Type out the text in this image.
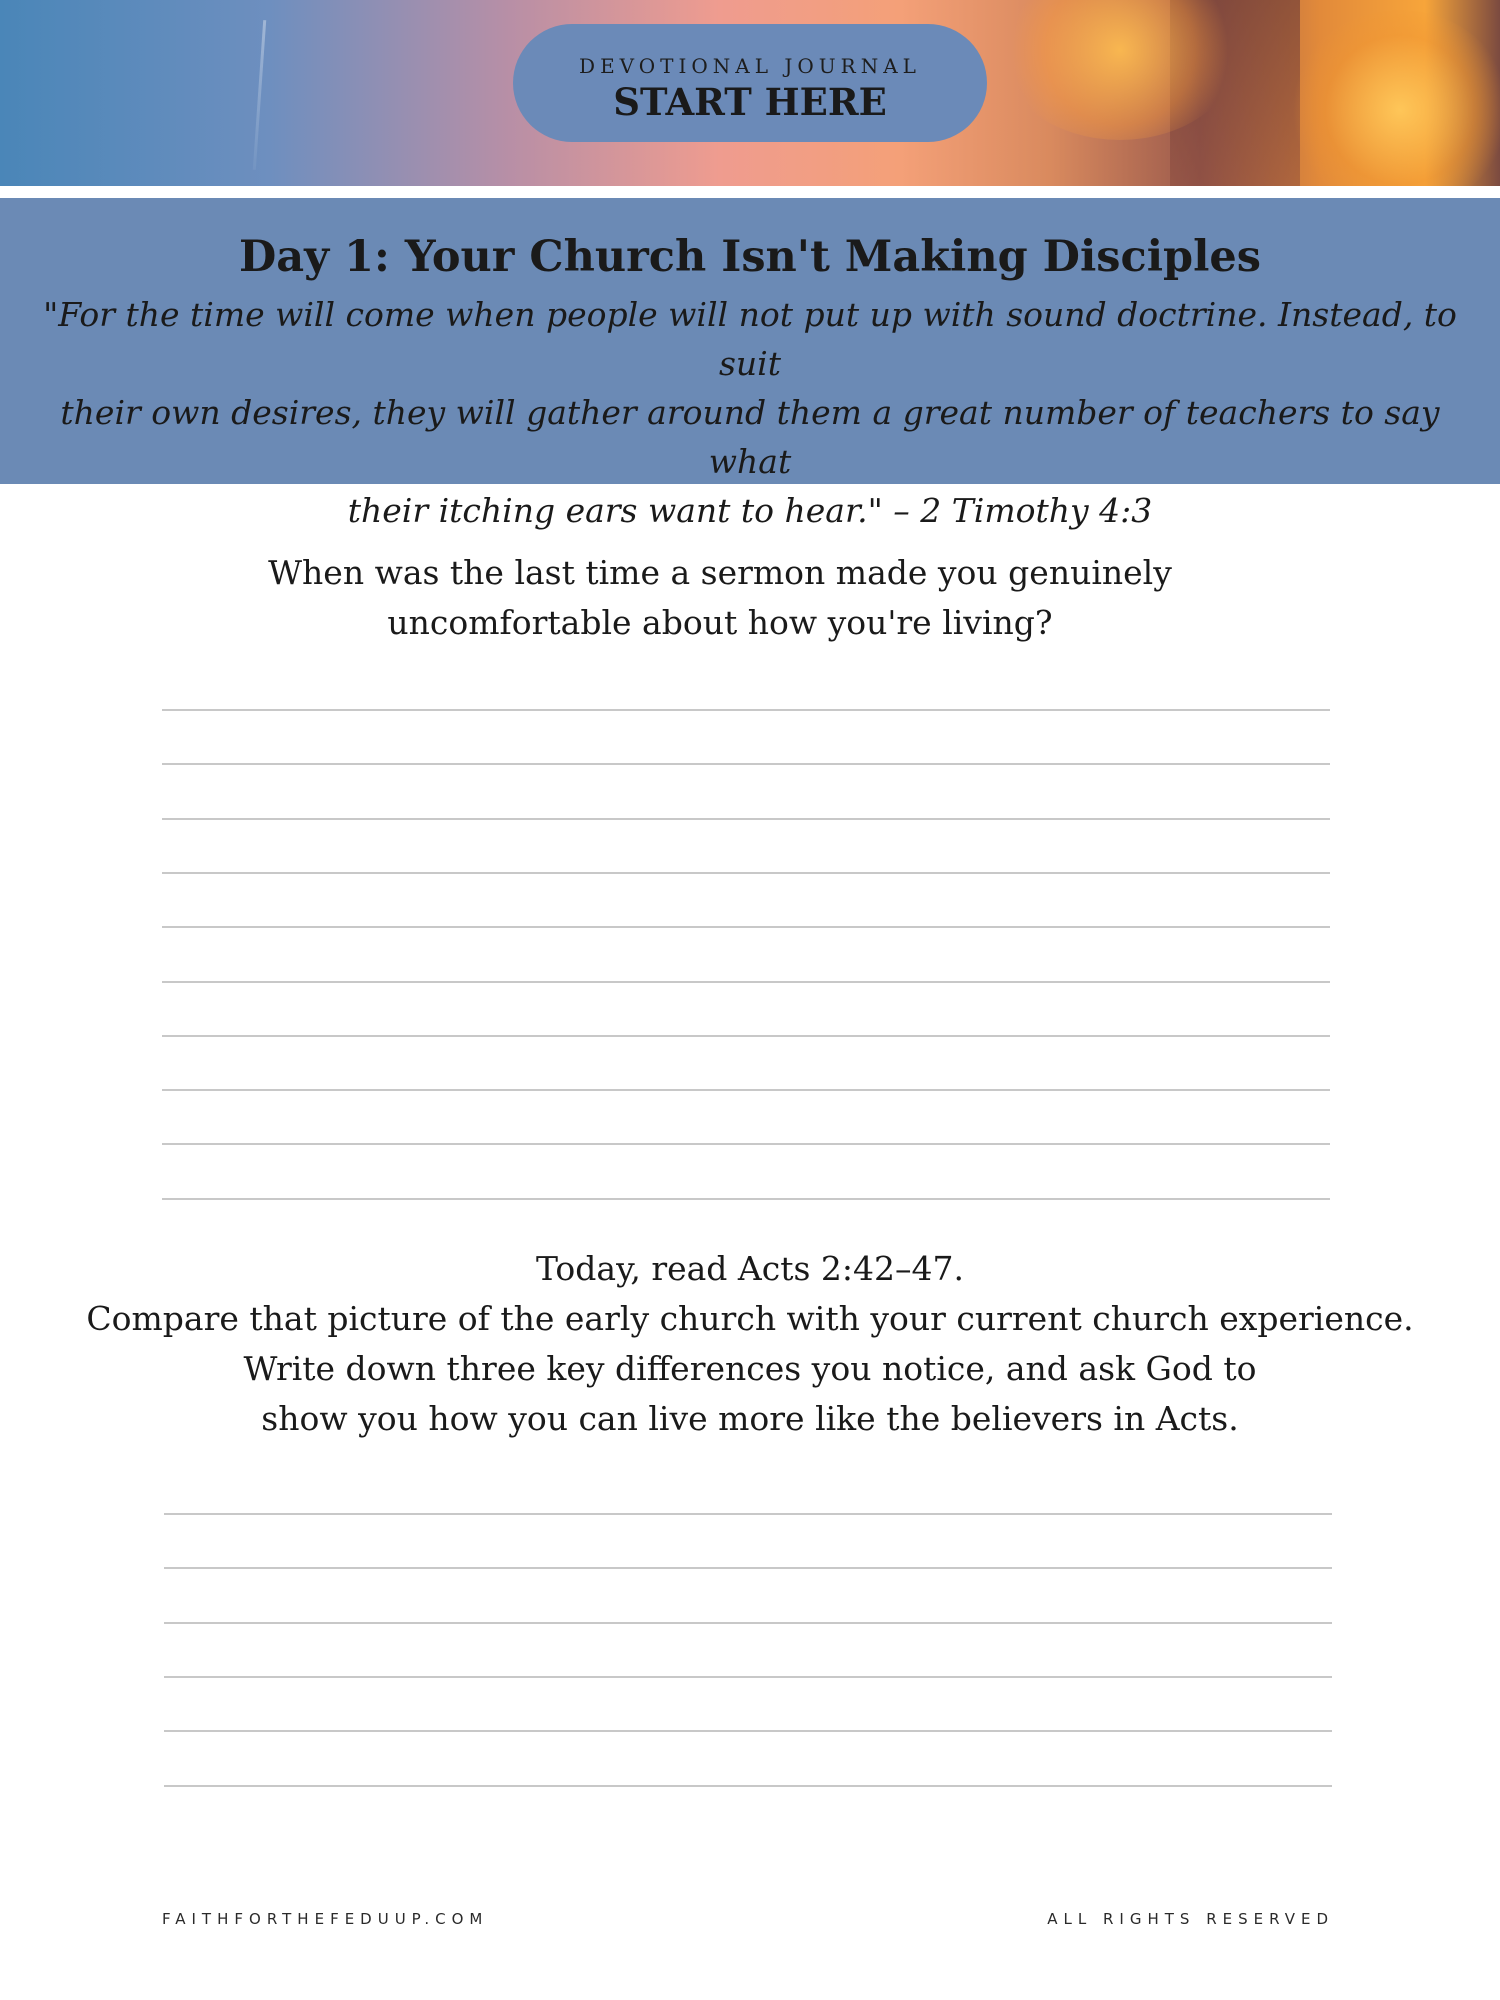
DEVOTIONAL JOURNAL
START HERE
Day 1: Your Church Isn't Making Disciples
"For the time will come when people will not put up with sound doctrine. Instead, to suit
their own desires, they will gather around them a great number of teachers to say what
their itching ears want to hear." – 2 Timothy 4:3
When was the last time a sermon made you genuinely
uncomfortable about how you're living?
Today, read Acts 2:42–47.
Compare that picture of the early church with your current church experience.
Write down three key differences you notice, and ask God to
show you how you can live more like the believers in Acts.
FAITHFORTHEFEDUUP.COM	ALL RIGHTS RESERVED
